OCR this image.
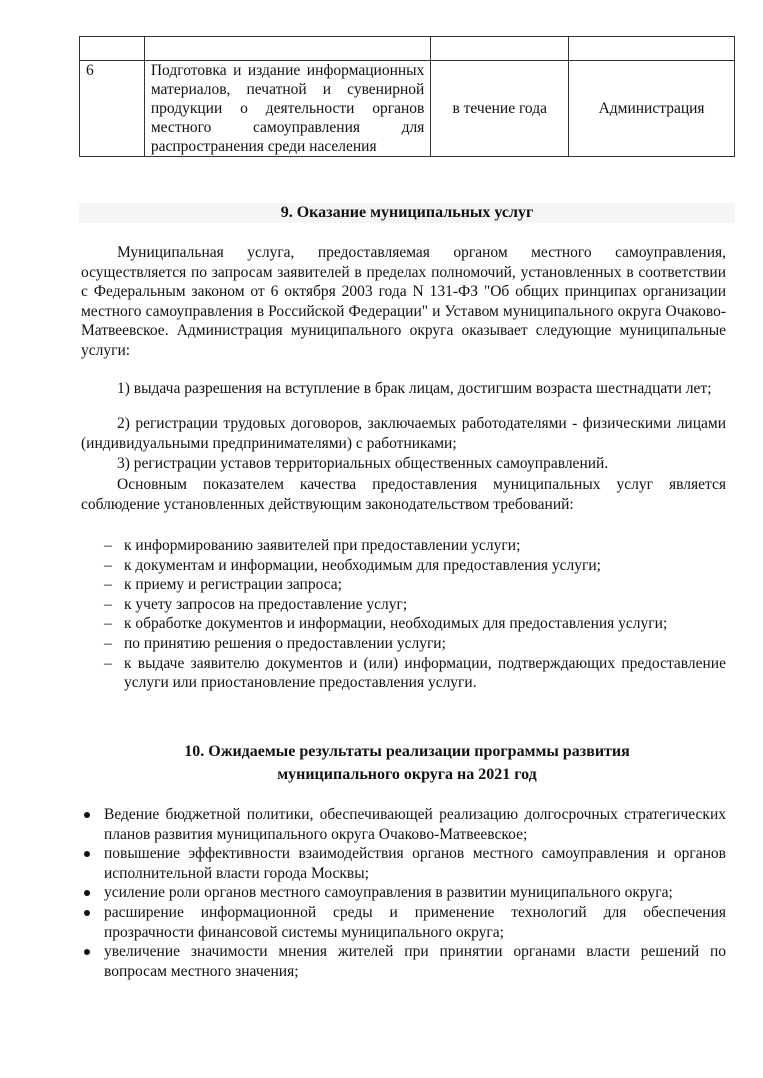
6	Подготовка и издание информационных материалов, печатной и сувенирной продукции о деятельности органов местного самоуправления для распространения среди населения	в течение года	Администрация
9. Оказание муниципальных услуг

Муниципальная услуга, предоставляемая органом местного самоуправления, осуществляется по запросам заявителей в пределах полномочий, установленных в соответствии с Федеральным законом от 6 октября 2003 года N 131-ФЗ "Об общих принципах организации местного самоуправления в Российской Федерации" и Уставом муниципального округа Очаково-Матвеевское. Администрация муниципального округа оказывает следующие муниципальные услуги:

1) выдача разрешения на вступление в брак лицам, достигшим возраста шестнадцати лет;

2) регистрации трудовых договоров, заключаемых работодателями - физическими лицами (индивидуальными предпринимателями) с работниками;

3) регистрации уставов территориальных общественных самоуправлений.

Основным показателем качества предоставления муниципальных услуг является соблюдение установленных действующим законодательством требований:

– к информированию заявителей при предоставлении услуги;
– к документам и информации, необходимым для предоставления услуги;
– к приему и регистрации запроса;
– к учету запросов на предоставление услуг;
– к обработке документов и информации, необходимых для предоставления услуги;
– по принятию решения о предоставлении услуги;
– к выдаче заявителю документов и (или) информации, подтверждающих предоставление услуги или приостановление предоставления услуги.
10. Ожидаемые результаты реализации программы развития
муниципального округа на 2021 год
Ведение бюджетной политики, обеспечивающей реализацию долгосрочных стратегических планов развития муниципального округа Очаково-Матвеевское;
повышение эффективности взаимодействия органов местного самоуправления и органов исполнительной власти города Москвы;
усиление роли органов местного самоуправления в развитии муниципального округа;
расширение информационной среды и применение технологий для обеспечения прозрачности финансовой системы муниципального округа;
увеличение значимости мнения жителей при принятии органами власти решений по вопросам местного значения;
